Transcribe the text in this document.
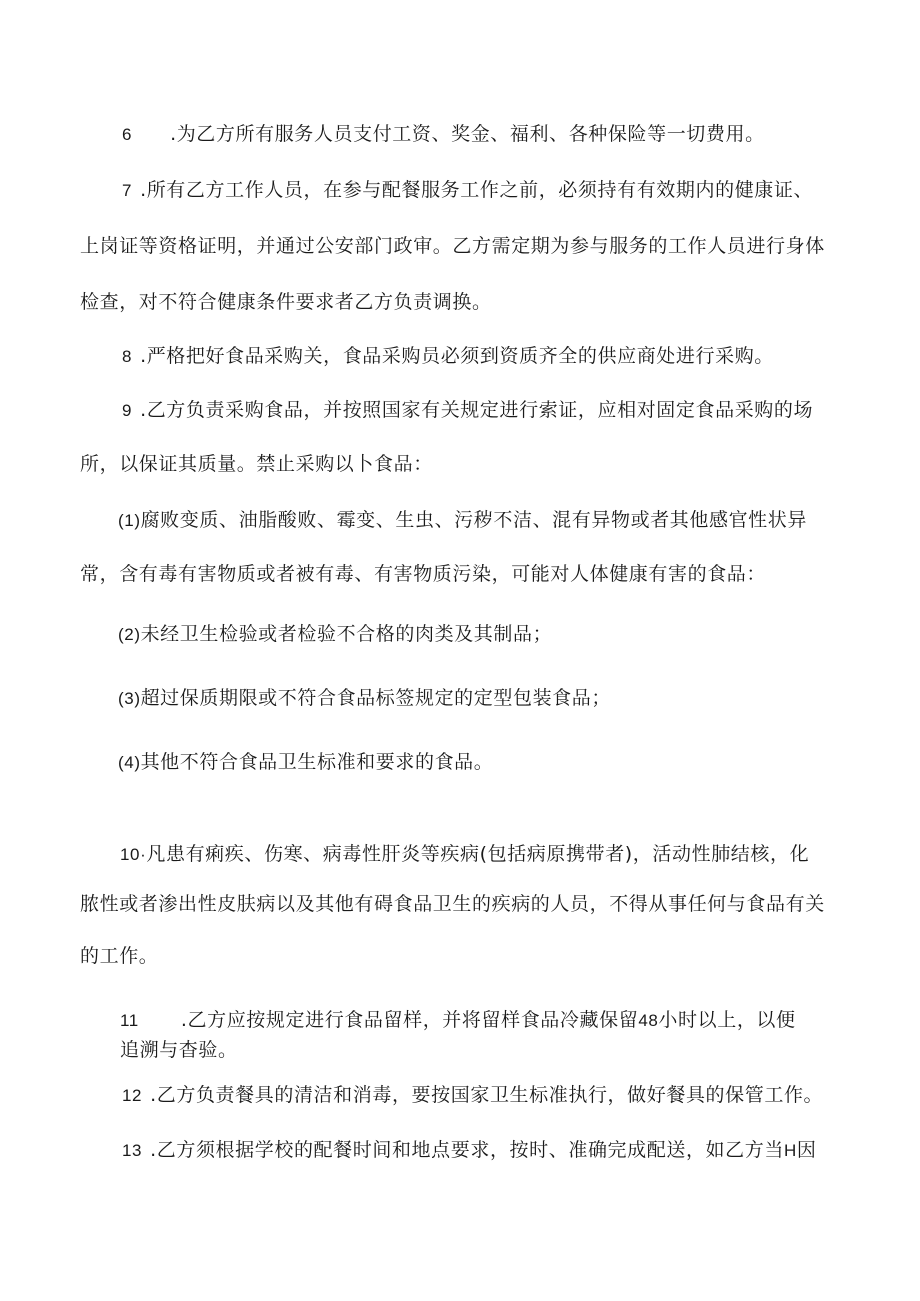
6 .为乙方所有服务人员支付工资、奖金、福利、各种保险等一切费用。
7 .所有乙方工作人员，在参与配餐服务工作之前，必须持有有效期内的健康证、
上岗证等资格证明，并通过公安部门政审。乙方需定期为参与服务的工作人员进行身体
检查，对不符合健康条件要求者乙方负责调换。
8 .严格把好食品采购关，食品采购员必须到资质齐全的供应商处进行采购。
9 .乙方负责采购食品，并按照国家有关规定进行索证，应相对固定食品采购的场
所，以保证其质量。禁止采购以卜食品：
(1)腐败变质、油脂酸败、霉变、生虫、污秽不洁、混有异物或者其他感官性状异
常，含有毒有害物质或者被有毒、有害物质污染，可能对人体健康有害的食品：
(2)未经卫生检验或者检验不合格的肉类及其制品；
(3)超过保质期限或不符合食品标签规定的定型包装食品；
(4)其他不符合食品卫生标准和要求的食品。
10·凡患有痢疾、伤寒、病毒性肝炎等疾病(包括病原携带者)，活动性肺结核，化
脓性或者渗出性皮肤病以及其他有碍食品卫生的疾病的人员，不得从事任何与食品有关
的工作。
11 .乙方应按规定进行食品留样，并将留样食品冷藏保留48小时以上，以便
追溯与杳验。
12 .乙方负责餐具的清洁和消毒，要按国家卫生标准执行，做好餐具的保管工作。
13 .乙方须根据学校的配餐时间和地点要求，按时、准确完成配送，如乙方当H因
